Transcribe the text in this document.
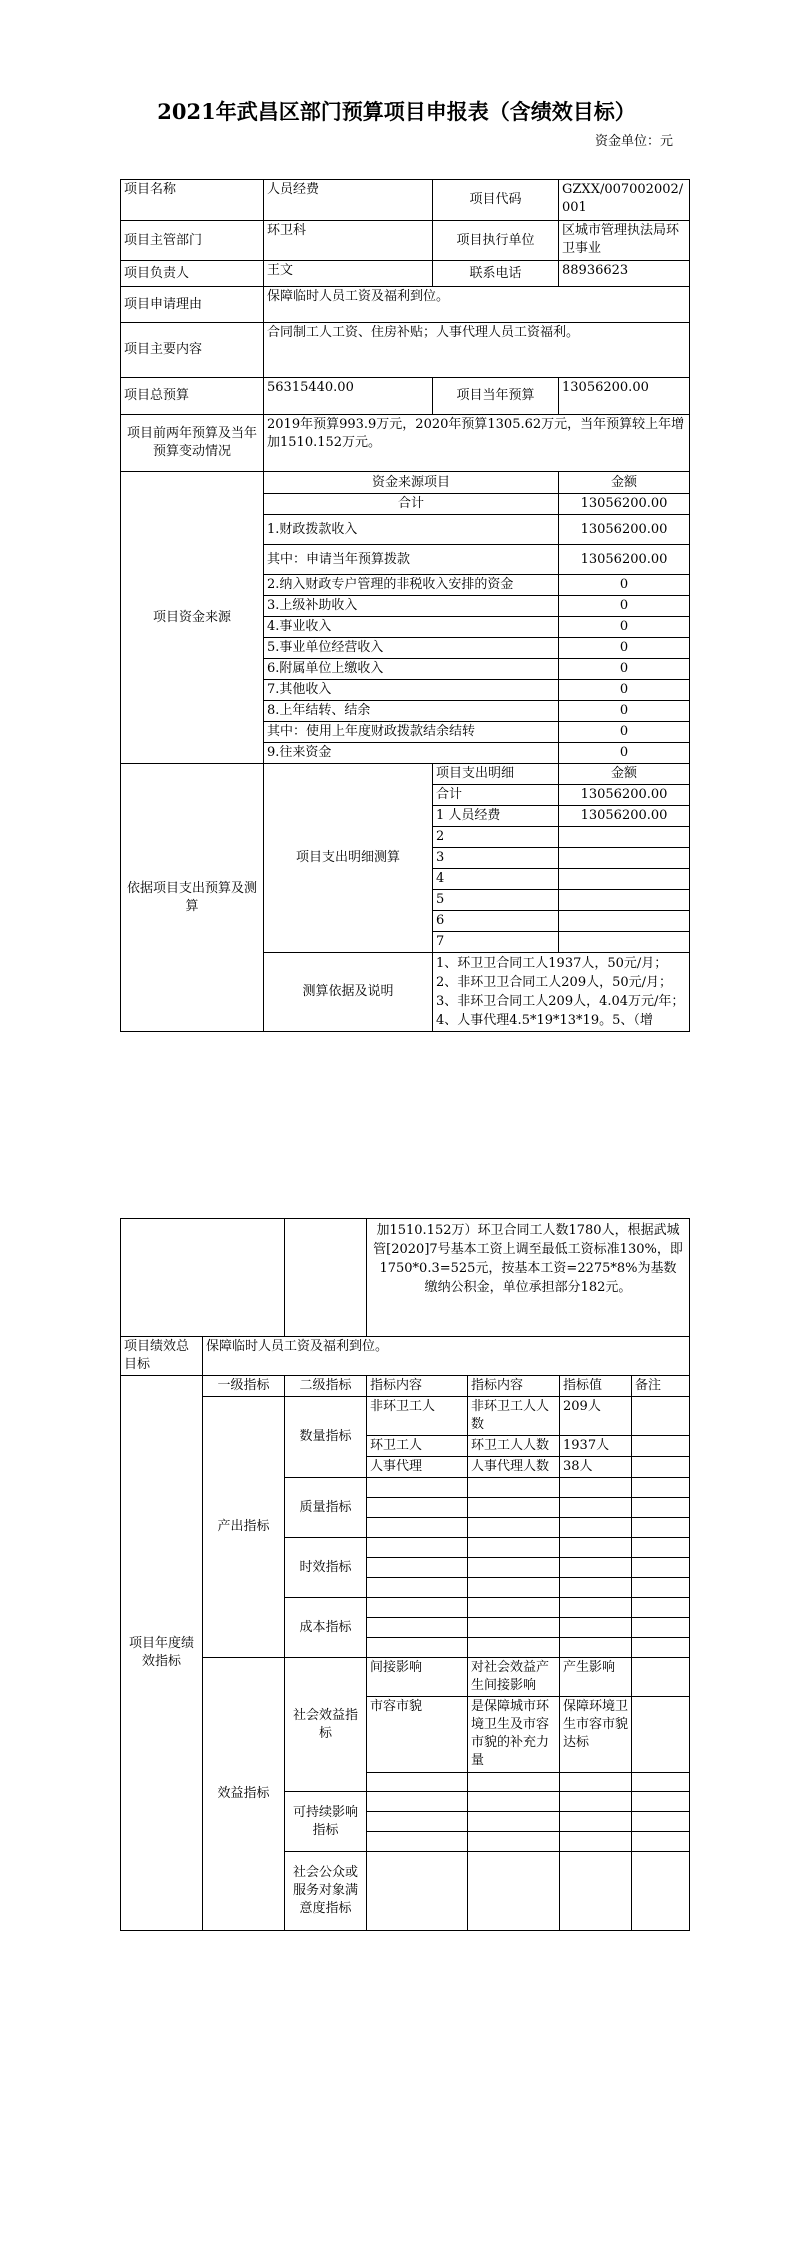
2021年武昌区部门预算项目申报表（含绩效目标）
资金单位：元
项目名称	人员经费	项目代码	GZXX/007002002/001
项目主管部门	环卫科	项目执行单位	区城市管理执法局环卫事业
项目负责人	王文	联系电话	88936623
项目申请理由	保障临时人员工资及福利到位。		
项目主要内容	合同制工人工资、住房补贴；人事代理人员工资福利。		
项目总预算	56315440.00	项目当年预算	13056200.00
项目前两年预算及当年预算变动情况	2019年预算993.9万元，2020年预算1305.62万元，当年预算较上年增加1510.152万元。		
项目资金来源	资金来源项目		金额
	合计		13056200.00
	1.财政拨款收入		13056200.00
	其中：申请当年预算拨款		13056200.00
	2.纳入财政专户管理的非税收入安排的资金		0
	3.上级补助收入		0
	4.事业收入		0
	5.事业单位经营收入		0
	6.附属单位上缴收入		0
	7.其他收入		0
	8.上年结转、结余		0
	其中：使用上年度财政拨款结余结转		0
	9.往来资金		0
依据项目支出预算及测算	项目支出明细测算	项目支出明细	金额
		合计	13056200.00
		1 人员经费	13056200.00
		2	
		3	
		4	
		5	
		6	
		7	
	测算依据及说明	1、环卫卫合同工人1937人，50元/月；2、非环卫卫合同工人209人，50元/月；3、非环卫合同工人209人，4.04万元/年；4、人事代理4.5*19*13*19。5、（增	
			加1510.152万）环卫合同工人数1780人，根据武城管[2020]7号基本工资上调至最低工资标准130%，即1750*0.3=525元，按基本工资=2275*8%为基数缴纳公积金，单位承担部分182元。			
项目绩效总目标	保障临时人员工资及福利到位。					
项目年度绩效指标	一级指标	二级指标	指标内容	指标内容	指标值	备注
	产出指标	数量指标	非环卫工人	非环卫工人人数	209人	
			环卫工人	环卫工人人数	1937人	
			人事代理	人事代理人数	38人	
		质量指标				

		时效指标				

		成本指标				

	效益指标	社会效益指标	间接影响	对社会效益产生间接影响	产生影响	
			市容市貌	是保障城市环境卫生及市容市貌的补充力量	保障环境卫生市容市貌达标	

		可持续影响指标				

		社会公众或服务对象满意度指标				
